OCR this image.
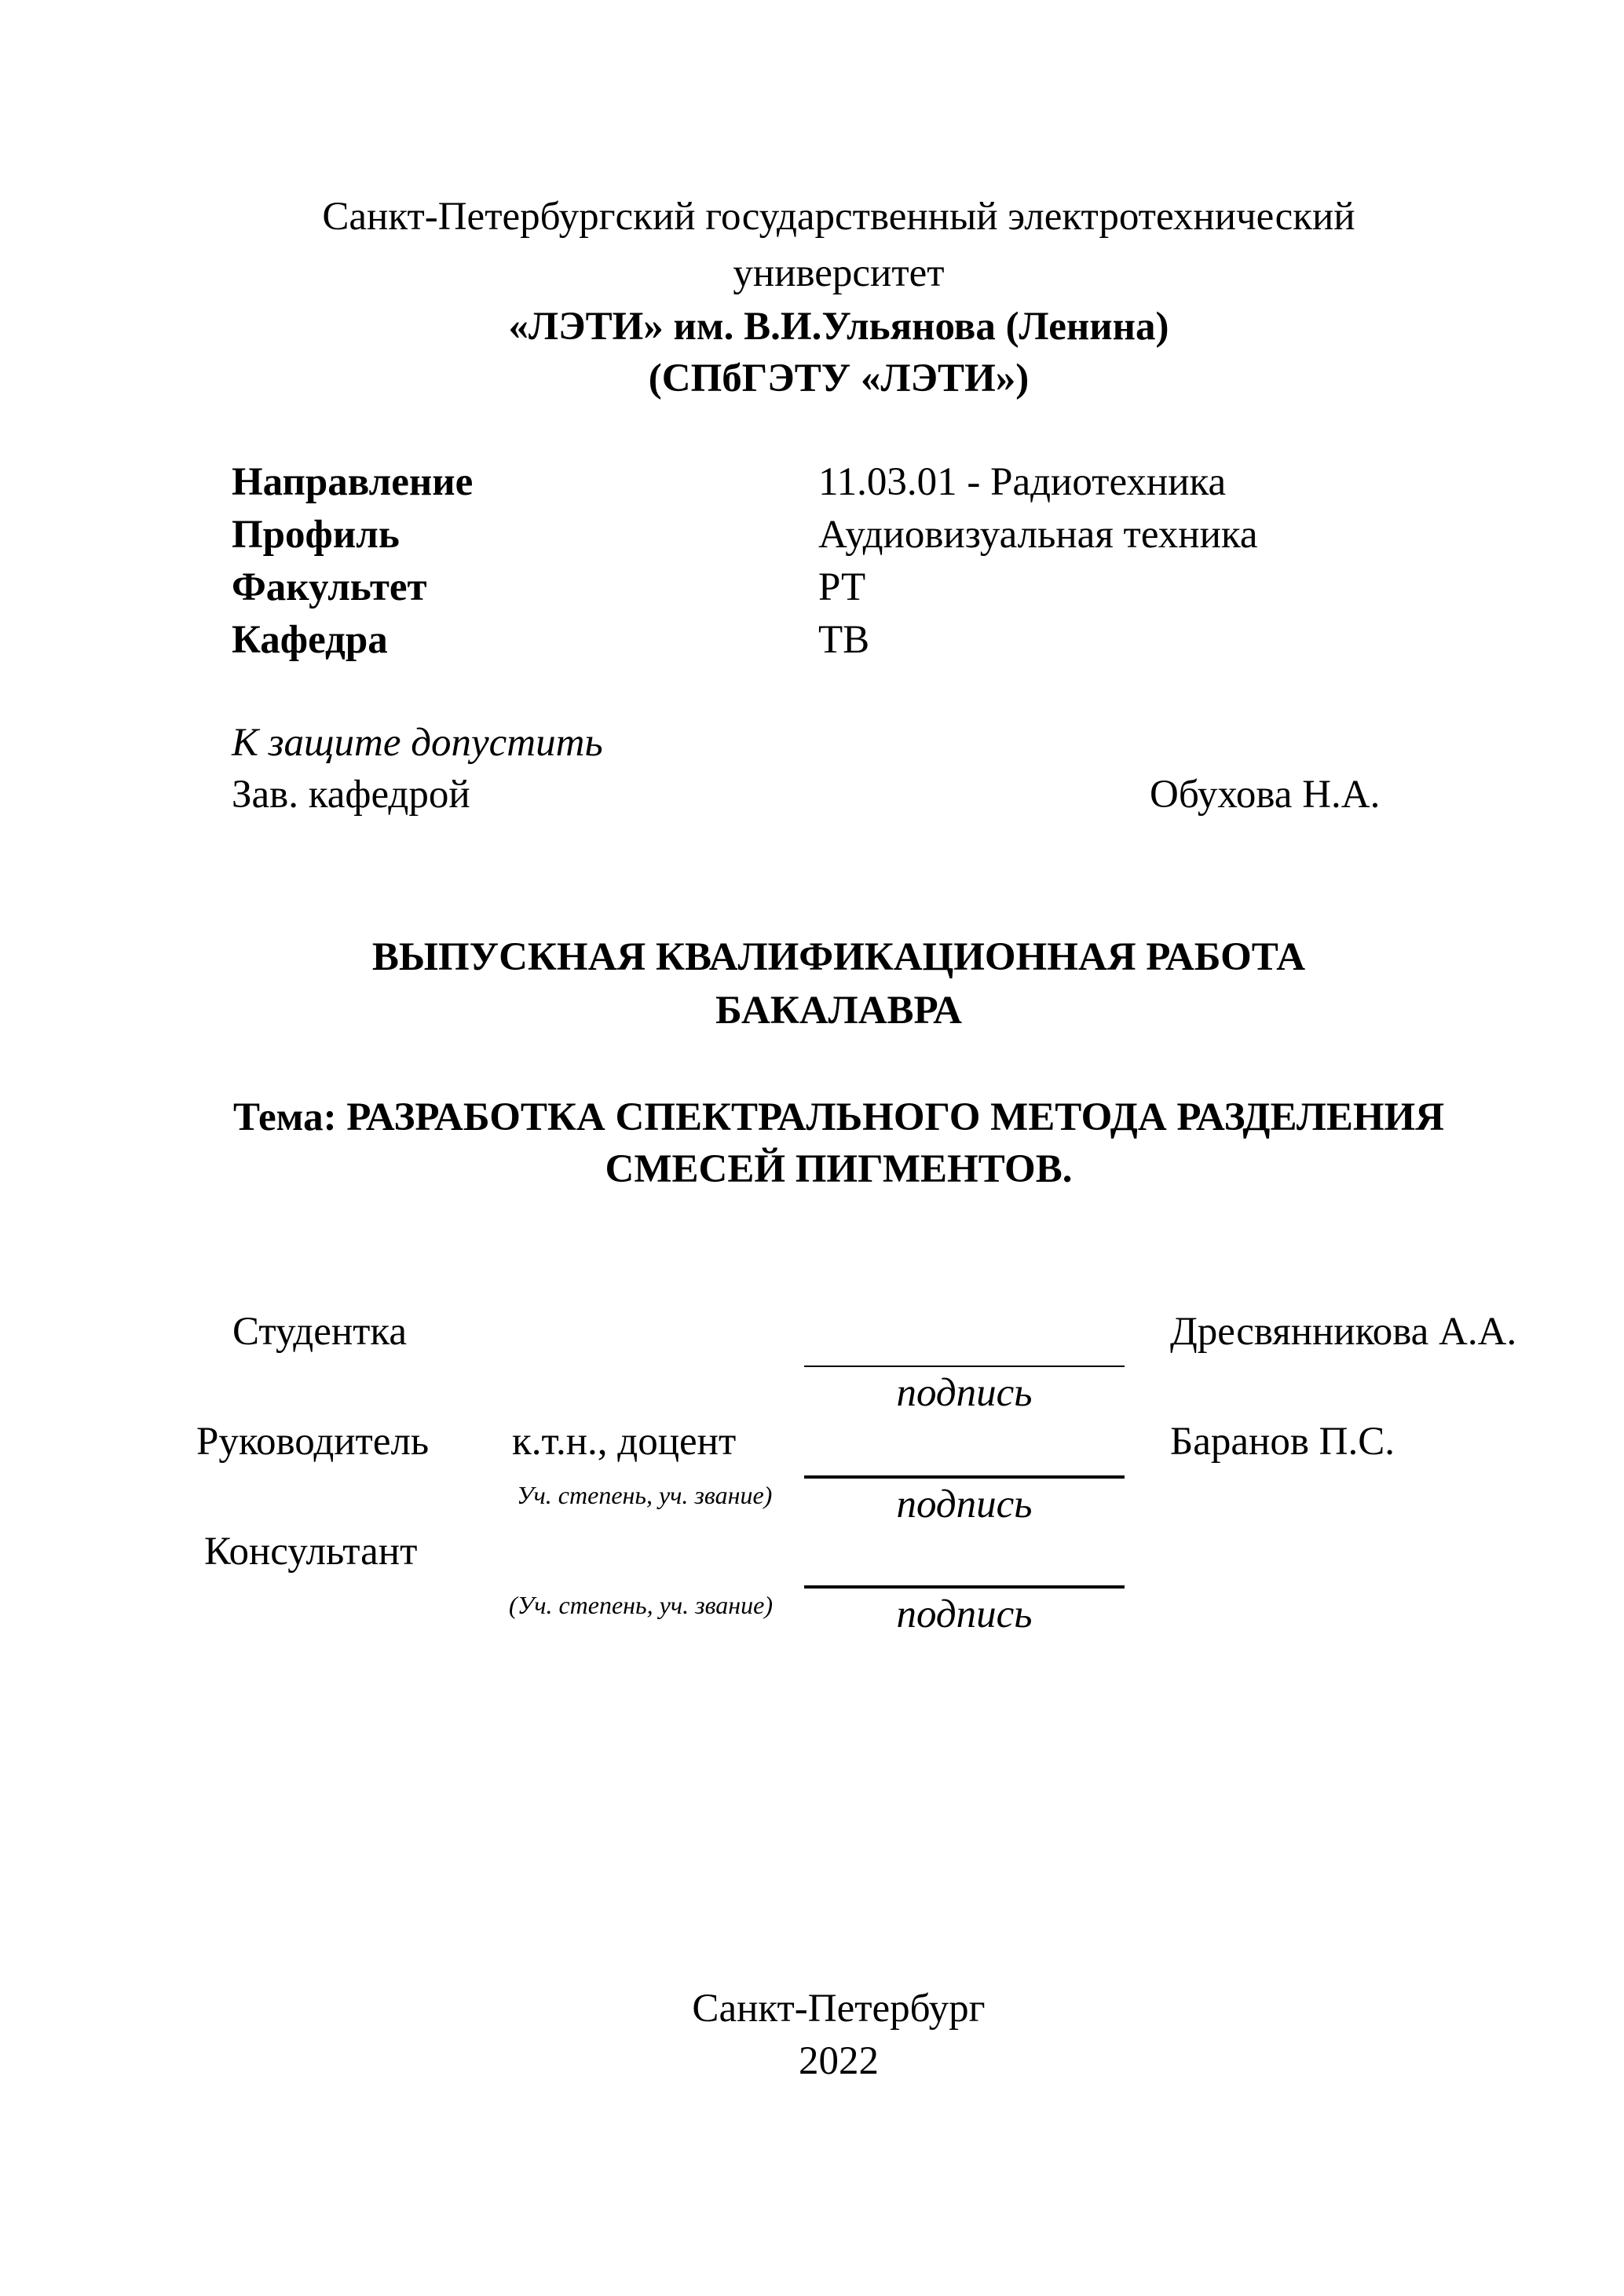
Санкт-Петербургский государственный электротехнический
университет
«ЛЭТИ» им. В.И.Ульянова (Ленина)
(СПбГЭТУ «ЛЭТИ»)
Направление	11.03.01 - Радиотехника
Профиль	Аудиовизуальная техника
Факультет	РТ
Кафедра	ТВ
К защите допустить
Зав. кафедрой	Обухова Н.А.
ВЫПУСКНАЯ КВАЛИФИКАЦИОННАЯ РАБОТА
БАКАЛАВРА
Тема: РАЗРАБОТКА СПЕКТРАЛЬНОГО МЕТОДА РАЗДЕЛЕНИЯ
СМЕСЕЙ ПИГМЕНТОВ.
Студентка	Дресвянникова А.А.
подпись
Руководитель к.т.н., доцент	Баранов П.С.
Уч. степень, уч. звание)	подпись
Консультант
(Уч. степень, уч. звание)	подпись
Санкт-Петербург
2022
